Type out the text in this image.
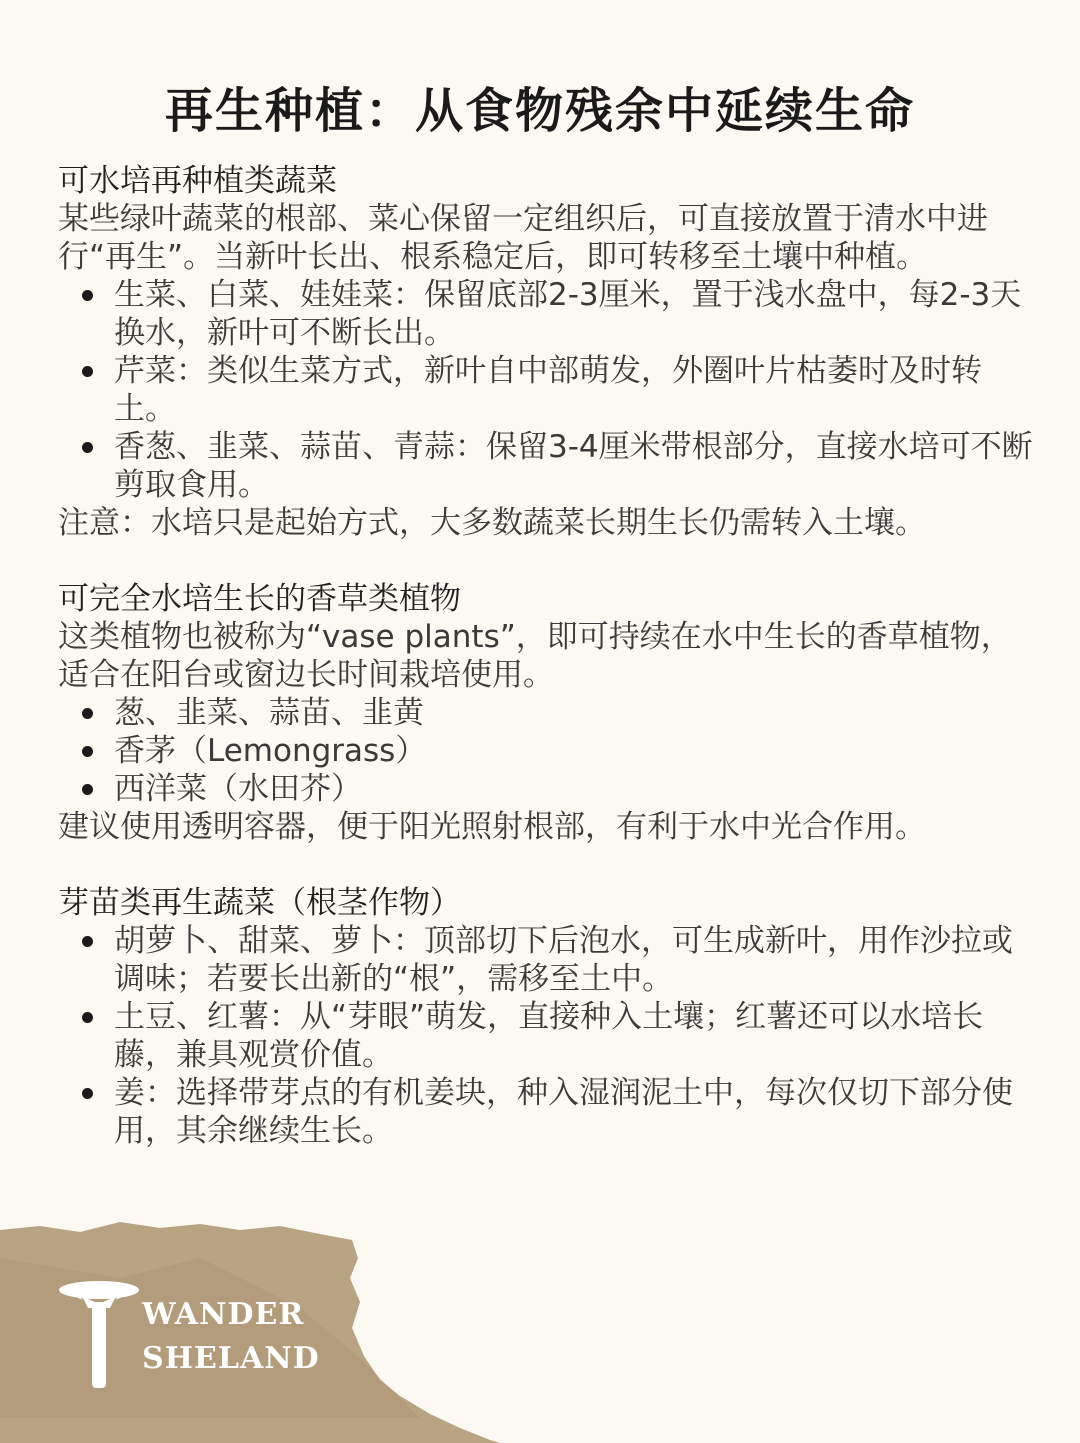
再生种植：从食物残余中延续生命
可水培再种植类蔬菜

某些绿叶蔬菜的根部、菜心保留一定组织后，可直接放置于清水中进行“再生”。当新叶长出、根系稳定后，即可转移至土壤中种植。

生菜、白菜、娃娃菜：保留底部2-3厘米，置于浅水盘中，每2-3天换水，新叶可不断长出。
芹菜：类似生菜方式，新叶自中部萌发，外圈叶片枯萎时及时转土。
香葱、韭菜、蒜苗、青蒜：保留3-4厘米带根部分，直接水培可不断剪取食用。

注意：水培只是起始方式，大多数蔬菜长期生长仍需转入土壤。

可完全水培生长的香草类植物

这类植物也被称为“vase plants”，即可持续在水中生长的香草植物，适合在阳台或窗边长时间栽培使用。

葱、韭菜、蒜苗、韭黄
香茅（Lemongrass）
西洋菜（水田芥）

建议使用透明容器，便于阳光照射根部，有利于水中光合作用。

芽苗类再生蔬菜（根茎作物）
胡萝卜、甜菜、萝卜：顶部切下后泡水，可生成新叶，用作沙拉或调味；若要长出新的“根”，需移至土中。
土豆、红薯：从“芽眼”萌发，直接种入土壤；红薯还可以水培长藤，兼具观赏价值。
姜：选择带芽点的有机姜块，种入湿润泥土中，每次仅切下部分使用，其余继续生长。
WANDER
SHELAND
